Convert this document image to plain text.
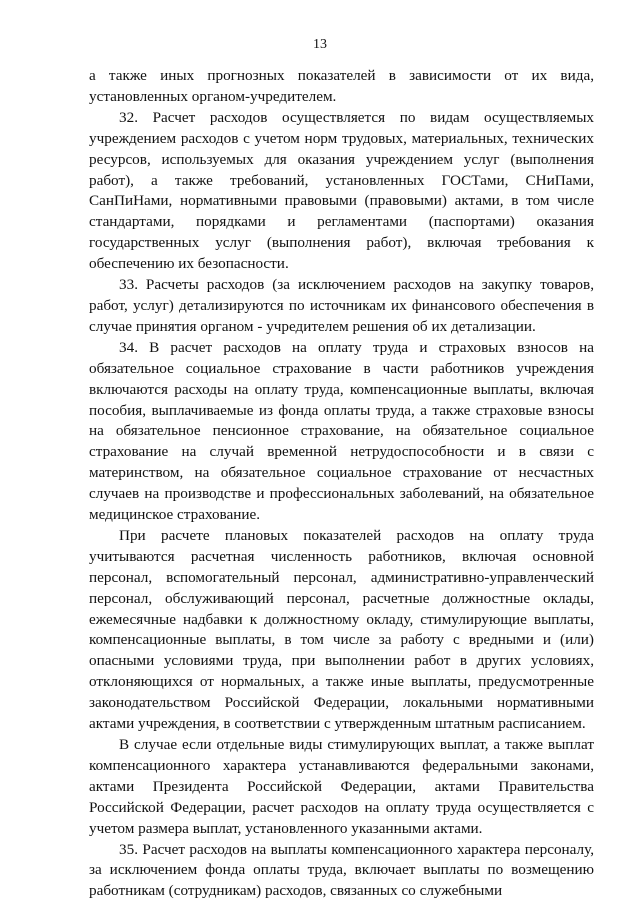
13

а также иных прогнозных показателей в зависимости от их вида, установленных органом-учредителем.

32. Расчет расходов осуществляется по видам осуществляемых учреждением расходов с учетом норм трудовых, материальных, технических ресурсов, используемых для оказания учреждением услуг (выполнения работ), а также требований, установленных ГОСТами, СНиПами, СанПиНами, нормативными правовыми (правовыми) актами, в том числе стандартами, порядками и регламентами (паспортами) оказания государственных услуг (выполнения работ), включая требования к обеспечению их безопасности.

33. Расчеты расходов (за исключением расходов на закупку товаров, работ, услуг) детализируются по источникам их финансового обеспечения в случае принятия органом - учредителем решения об их детализации.

34. В расчет расходов на оплату труда и страховых взносов на обязательное социальное страхование в части работников учреждения включаются расходы на оплату труда, компенсационные выплаты, включая пособия, выплачиваемые из фонда оплаты труда, а также страховые взносы на обязательное пенсионное страхование, на обязательное социальное страхование на случай временной нетрудоспособности и в связи с материнством, на обязательное социальное страхование от несчастных случаев на производстве и профессиональных заболеваний, на обязательное медицинское страхование.

При расчете плановых показателей расходов на оплату труда учитываются расчетная численность работников, включая основной персонал, вспомогательный персонал, административно-управленческий персонал, обслуживающий персонал, расчетные должностные оклады, ежемесячные надбавки к должностному окладу, стимулирующие выплаты, компенсационные выплаты, в том числе за работу с вредными и (или) опасными условиями труда, при выполнении работ в других условиях, отклоняющихся от нормальных, а также иные выплаты, предусмотренные законодательством Российской Федерации, локальными нормативными актами учреждения, в соответствии с утвержденным штатным расписанием.

В случае если отдельные виды стимулирующих выплат, а также выплат компенсационного характера устанавливаются федеральными законами, актами Президента Российской Федерации, актами Правительства Российской Федерации, расчет расходов на оплату труда осуществляется с учетом размера выплат, установленного указанными актами.

35. Расчет расходов на выплаты компенсационного характера персоналу, за исключением фонда оплаты труда, включает выплаты по возмещению работникам (сотрудникам) расходов, связанных со служебными
